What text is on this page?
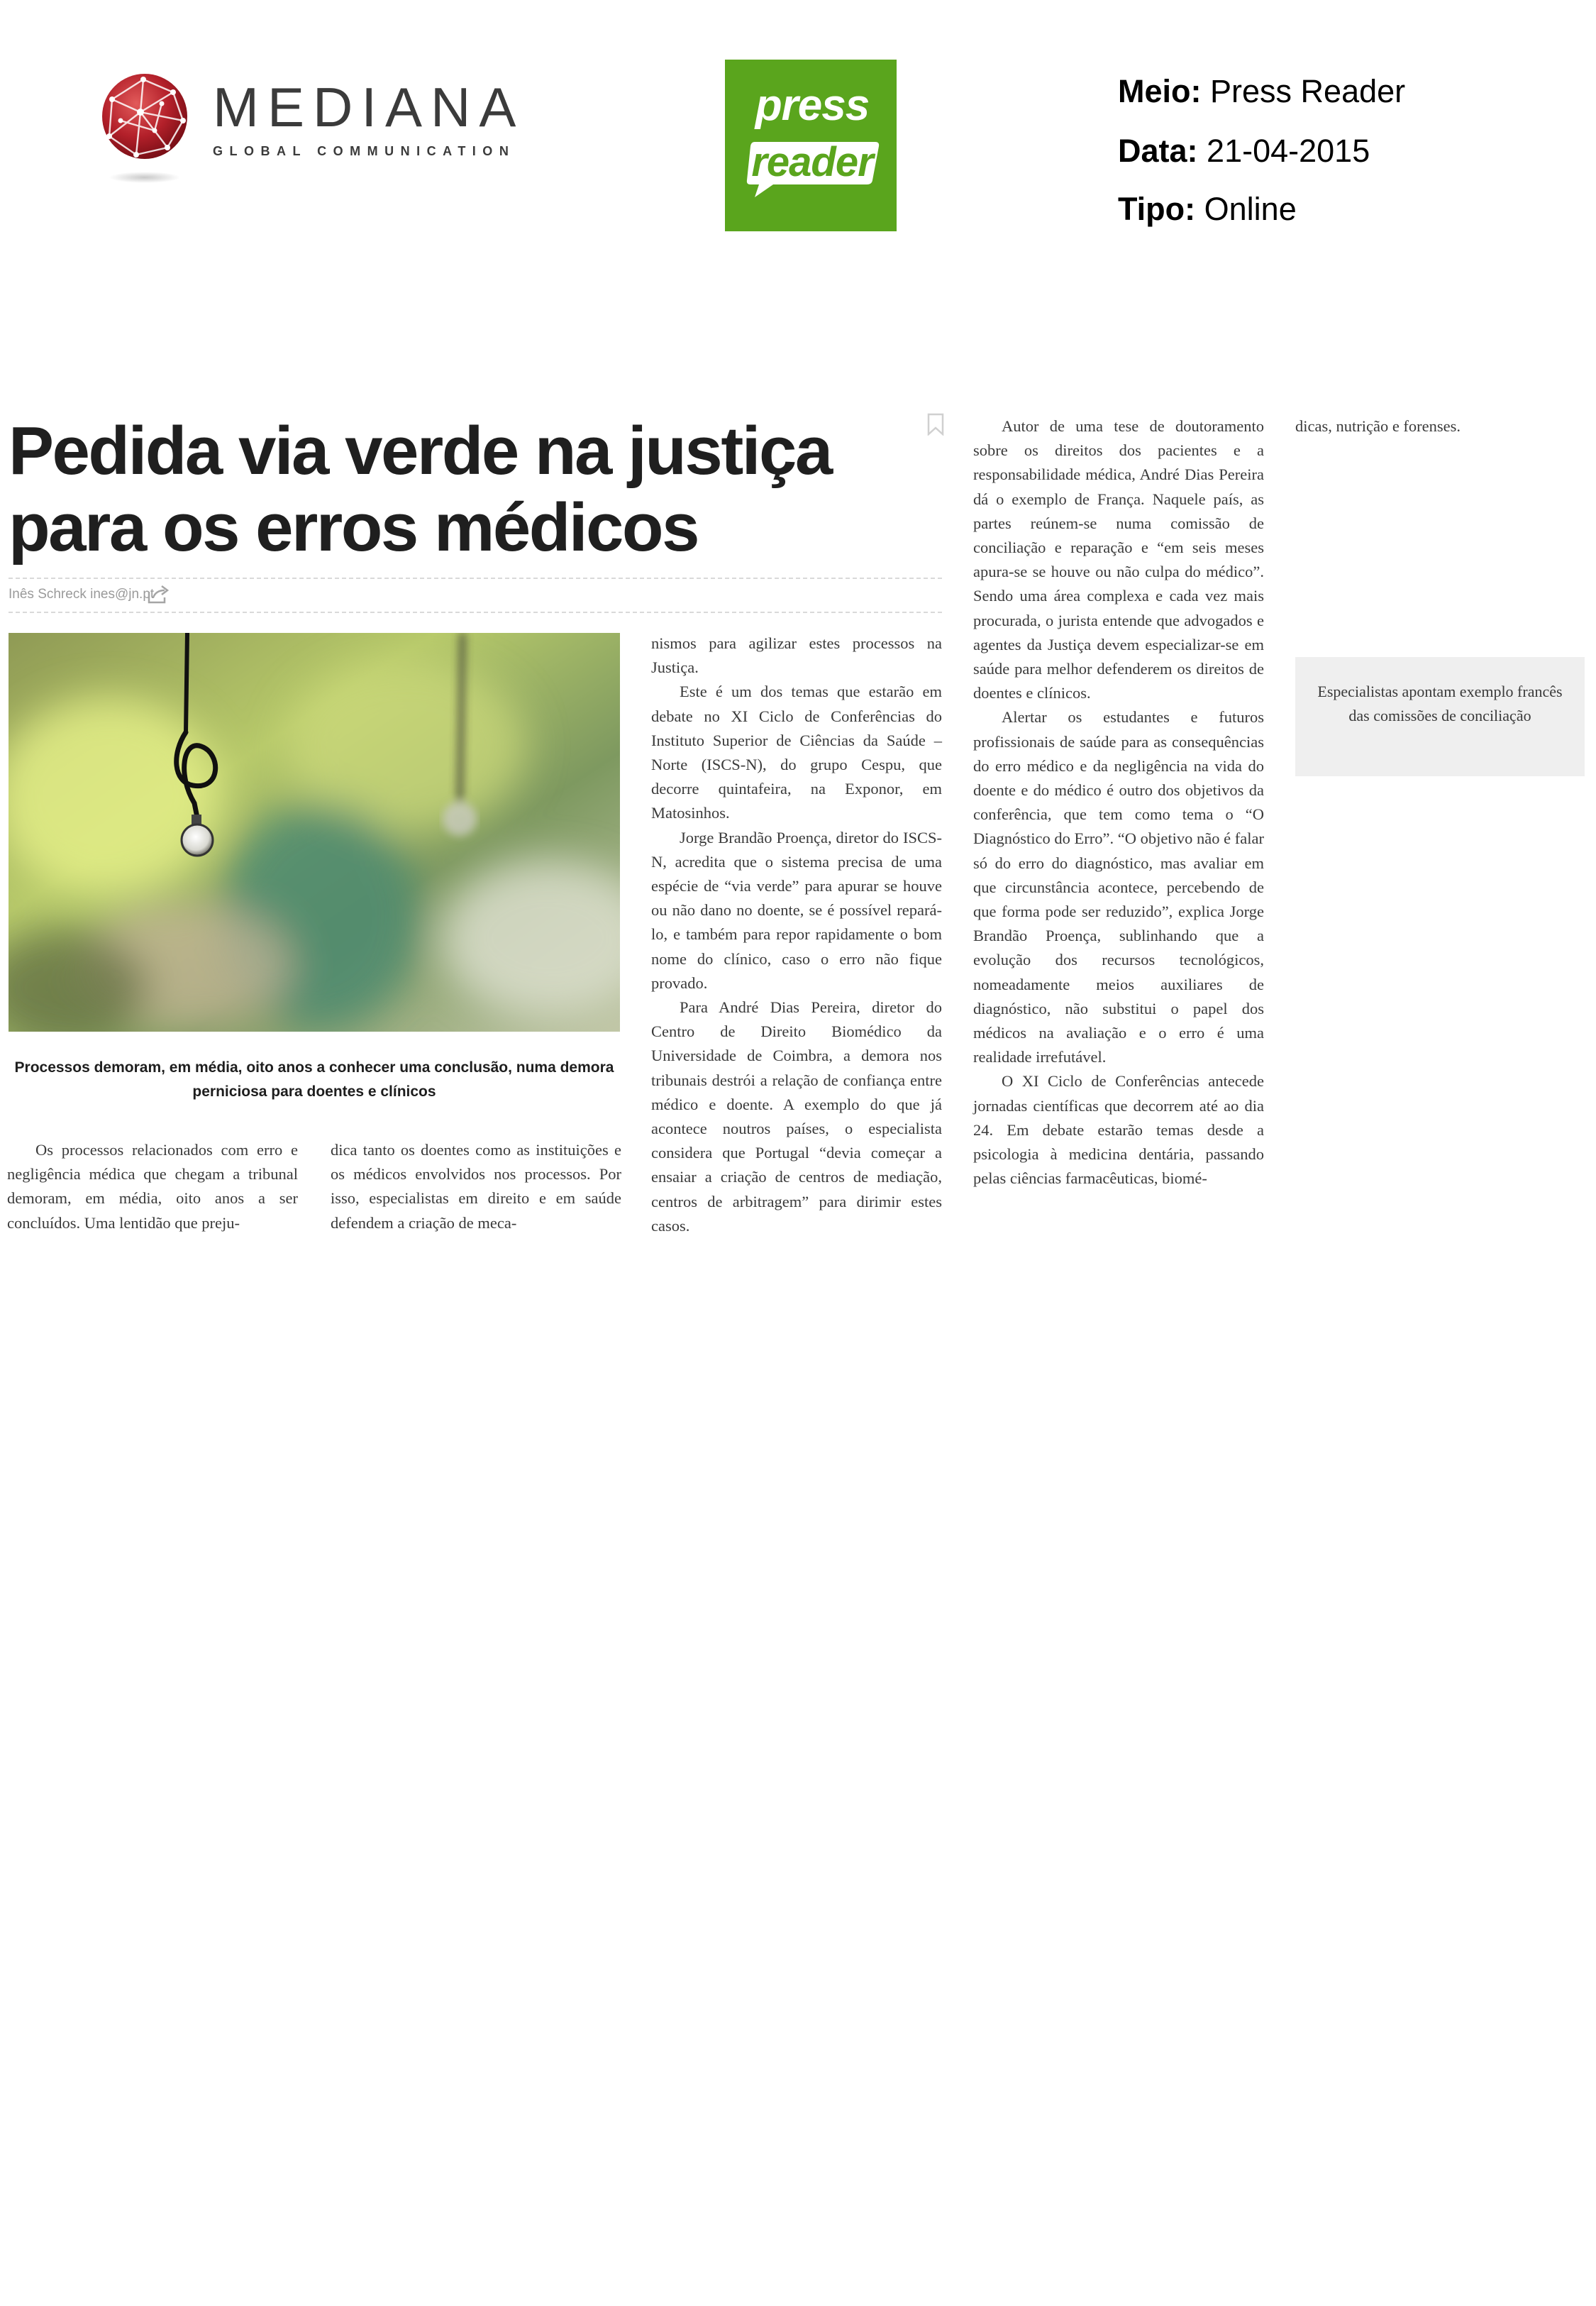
MEDIANA
GLOBAL COMMUNICATION
press
reader
Meio: Press Reader
Data: 21-04-2015
Tipo: Online
Pedida via verde na justiça para os erros médicos
Inês Schreck ines@jn.pt
Processos demoram, em média, oito anos a conhecer uma conclusão, numa demora perniciosa para doentes e clínicos

Os processos relacionados com erro e negligência médica que chegam a tribunal demoram, em média, oito anos a ser concluídos. Uma lentidão que preju-

dica tanto os doentes como as instituições e os médicos envolvidos nos processos. Por isso, especialistas em direito e em saúde defendem a criação de meca-

nismos para agilizar estes processos na Justiça.

Este é um dos temas que estarão em debate no XI Ciclo de Conferências do Instituto Superior de Ciências da Saúde – Norte (ISCS-N), do grupo Cespu, que decorre quintafeira, na Exponor, em Matosinhos.

Jorge Brandão Proença, diretor do ISCS-N, acredita que o sistema precisa de uma espécie de “via verde” para apurar se houve ou não dano no doente, se é possível repará-lo, e também para repor rapidamente o bom nome do clínico, caso o erro não fique provado.

Para André Dias Pereira, diretor do Centro de Direito Biomédico da Universidade de Coimbra, a demora nos tribunais destrói a relação de confiança entre médico e doente. A exemplo do que já acontece noutros países, o especialista considera que Portugal “devia começar a ensaiar a criação de centros de mediação, centros de arbitragem” para dirimir estes casos.

Autor de uma tese de doutoramento sobre os direitos dos pacientes e a responsabilidade médica, André Dias Pereira dá o exemplo de França. Naquele país, as partes reúnem-se numa comissão de conciliação e reparação e “em seis meses apura-se se houve ou não culpa do médico”. Sendo uma área complexa e cada vez mais procurada, o jurista entende que advogados e agentes da Justiça devem especializar-se em saúde para melhor defenderem os direitos de doentes e clínicos.

Alertar os estudantes e futuros profissionais de saúde para as consequências do erro médico e da negligência na vida do doente e do médico é outro dos objetivos da conferência, que tem como tema o “O Diagnóstico do Erro”. “O objetivo não é falar só do erro do diagnóstico, mas avaliar em que circunstância acontece, percebendo de que forma pode ser reduzido”, explica Jorge Brandão Proença, sublinhando que a evolução dos recursos tecnológicos, nomeadamente meios auxiliares de diagnóstico, não substitui o papel dos médicos na avaliação e o erro é uma realidade irrefutável.

O XI Ciclo de Conferências antecede jornadas científicas que decorrem até ao dia 24. Em debate estarão temas desde a psicologia à medicina dentária, passando pelas ciências farmacêuticas, biomé-

dicas, nutrição e forenses.

Especialistas apontam exemplo francês das comissões de conciliação
